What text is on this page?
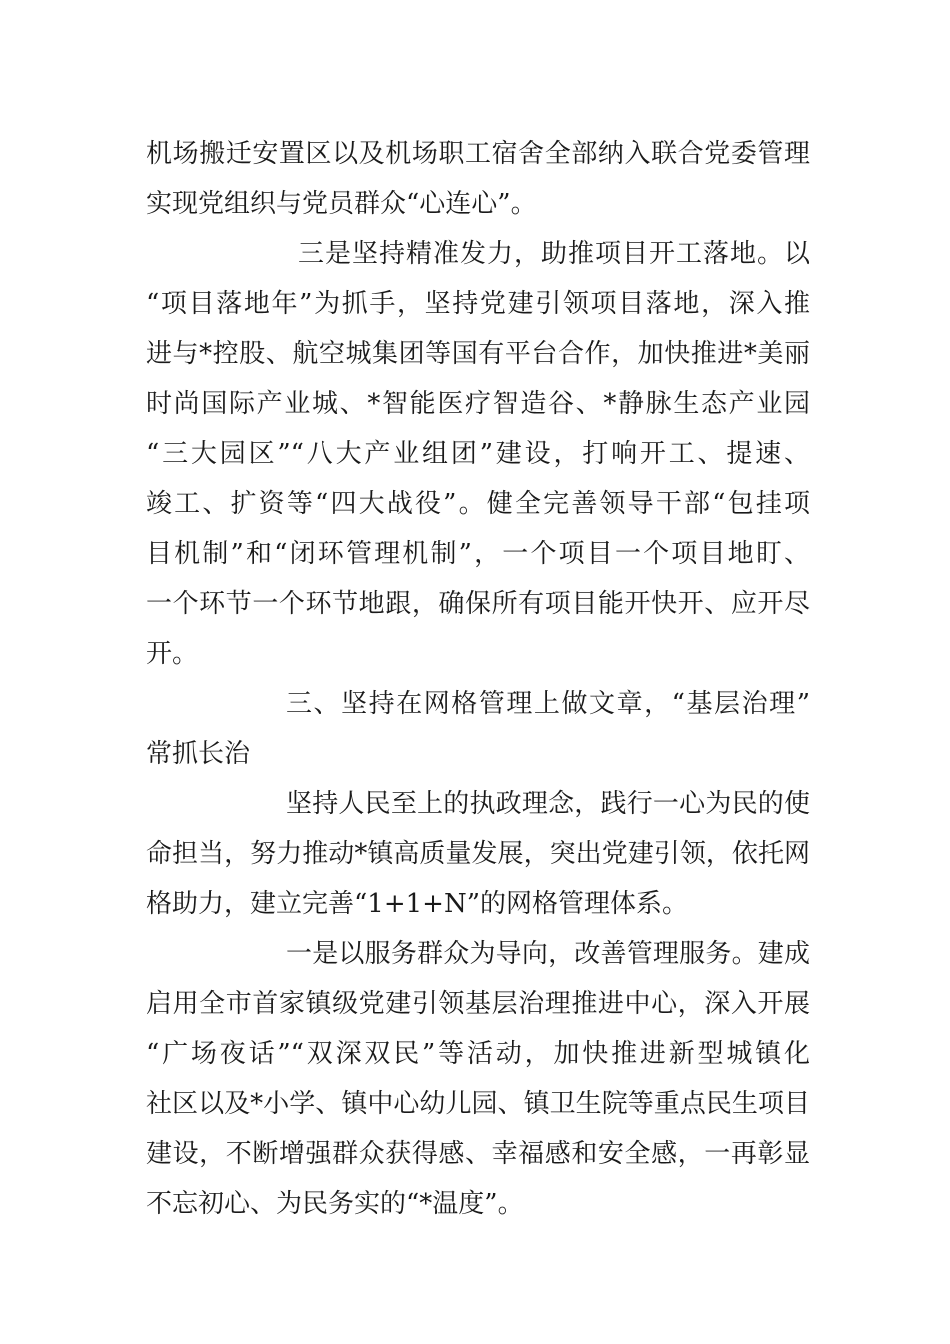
机场搬迁安置区以及机场职工宿舍全部纳入联合党委管理
实现党组织与党员群众“心连心”。
三是坚持精准发力，助推项目开工落地。以
“项目落地年”为抓手，坚持党建引领项目落地，深入推
进与*控股、航空城集团等国有平台合作，加快推进*美丽
时尚国际产业城、*智能医疗智造谷、*静脉生态产业园
“三大园区”“八大产业组团”建设，打响开工、提速、
竣工、扩资等“四大战役”。健全完善领导干部“包挂项
目机制”和“闭环管理机制”，一个项目一个项目地盯、
一个环节一个环节地跟，确保所有项目能开快开、应开尽
开。
三、坚持在网格管理上做文章，“基层治理”
常抓长治
坚持人民至上的执政理念，践行一心为民的使
命担当，努力推动*镇高质量发展，突出党建引领，依托网
格助力，建立完善“1+1+N”的网格管理体系。
一是以服务群众为导向，改善管理服务。建成
启用全市首家镇级党建引领基层治理推进中心，深入开展
“广场夜话”“双深双民”等活动，加快推进新型城镇化
社区以及*小学、镇中心幼儿园、镇卫生院等重点民生项目
建设，不断增强群众获得感、幸福感和安全感，一再彰显
不忘初心、为民务实的“*温度”。
